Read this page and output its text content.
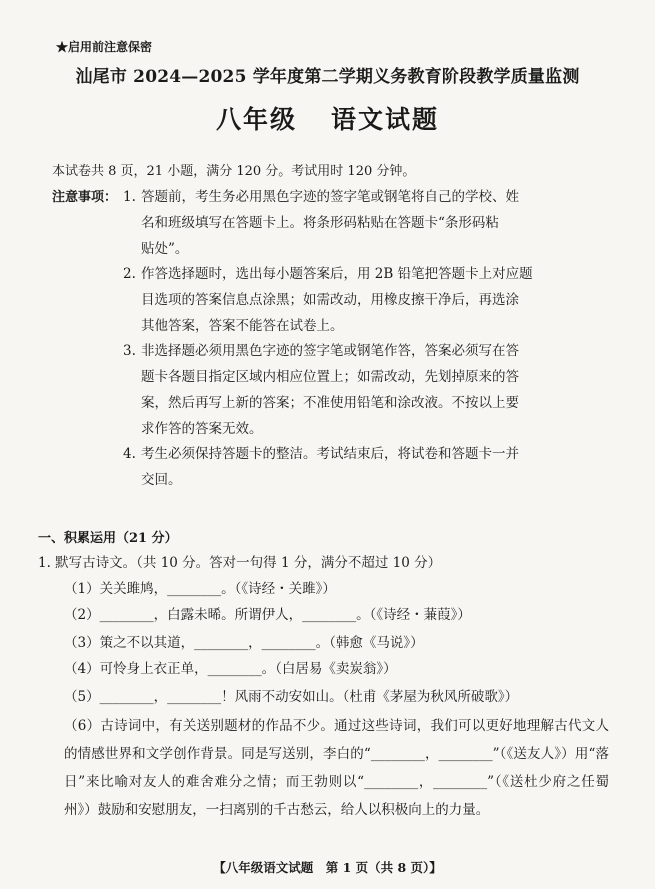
★启用前注意保密
汕尾市 2024—2025 学年度第二学期义务教育阶段教学质量监测
八年级 语文试题
本试卷共 8 页，21 小题，满分 120 分。考试用时 120 分钟。
注意事项： 1. 答题前，考生务必用黑色字迹的签字笔或钢笔将自己的学校、姓
名和班级填写在答题卡上。将条形码粘贴在答题卡“条形码粘
贴处”。
2. 作答选择题时，选出每小题答案后，用 2B 铅笔把答题卡上对应题
目选项的答案信息点涂黑；如需改动，用橡皮擦干净后，再选涂
其他答案，答案不能答在试卷上。
3. 非选择题必须用黑色字迹的签字笔或钢笔作答，答案必须写在答
题卡各题目指定区域内相应位置上；如需改动，先划掉原来的答
案，然后再写上新的答案；不准使用铅笔和涂改液。不按以上要
求作答的答案无效。
4. 考生必须保持答题卡的整洁。考试结束后，将试卷和答题卡一并
交回。
一、积累运用（21 分）
1. 默写古诗文。（共 10 分。答对一句得 1 分，满分不超过 10 分）
（1）关关雎鸠，________。（《诗经・关雎》）
（2）________，白露未晞。所谓伊人，________。（《诗经・蒹葭》）
（3）策之不以其道，________，________。（韩愈《马说》）
（4）可怜身上衣正单，________。（白居易《卖炭翁》）
（5）________，________！风雨不动安如山。（杜甫《茅屋为秋风所破歌》）
（6）古诗词中，有关送别题材的作品不少。通过这些诗词，我们可以更好地理解古代文人的情感世界和文学创作背景。同是写送别，李白的“________，________”（《送友人》）用“落日”来比喻对友人的难舍难分之情；而王勃则以“________，________”（《送杜少府之任蜀州》）鼓励和安慰朋友，一扫离别的千古愁云，给人以积极向上的力量。
【八年级语文试题　第 1 页（共 8 页）】
